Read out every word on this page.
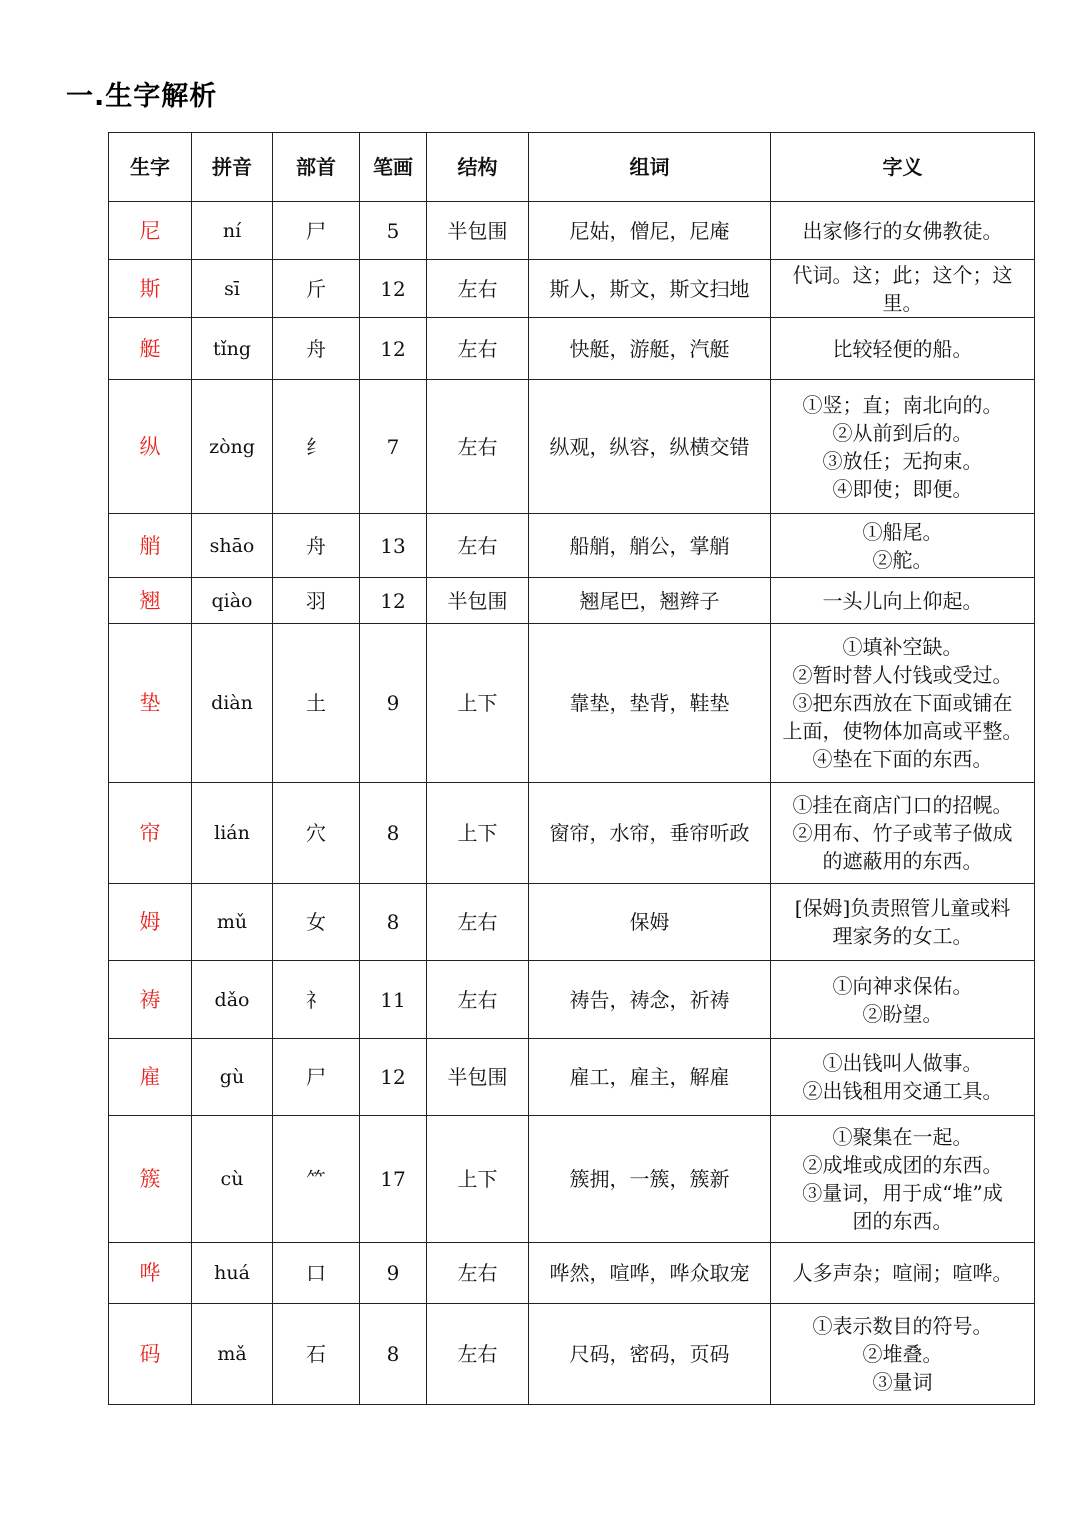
一.生字解析
生字	拼音	部首	笔画	结构	组词	字义
尼	ní	尸	5	半包围	尼姑，僧尼，尼庵	出家修行的女佛教徒。

斯	sī	斤	12	左右	斯人，斯文，斯文扫地	代词。这；此；这个；这
里。

艇	tǐng	舟	12	左右	快艇，游艇，汽艇	比较轻便的船。

纵	zòng	纟	7	左右	纵观，纵容，纵横交错	①竖；直；南北向的。
②从前到后的。
③放任；无拘束。
④即使；即便。

艄	shāo	舟	13	左右	船艄，艄公，掌艄	①船尾。
②舵。

翘	qiào	羽	12	半包围	翘尾巴，翘辫子	一头儿向上仰起。

垫	diàn	土	9	上下	靠垫，垫背，鞋垫	①填补空缺。
②暂时替人付钱或受过。
③把东西放在下面或铺在
上面，使物体加高或平整。
④垫在下面的东西。

帘	lián	穴	8	上下	窗帘，水帘，垂帘听政	①挂在商店门口的招幌。
②用布、竹子或苇子做成
的遮蔽用的东西。

姆	mǔ	女	8	左右	保姆	[保姆]负责照管儿童或料
理家务的女工。

祷	dǎo	礻	11	左右	祷告，祷念，祈祷	①向神求保佑。
②盼望。

雇	gù	尸	12	半包围	雇工，雇主，解雇	①出钱叫人做事。
②出钱租用交通工具。

簇	cù	⺮	17	上下	簇拥，一簇，簇新	①聚集在一起。
②成堆或成团的东西。
③量词，用于成“堆”成
团的东西。

哗	huá	口	9	左右	哗然，喧哗，哗众取宠	人多声杂；喧闹；喧哗。

码	mǎ	石	8	左右	尺码，密码，页码	①表示数目的符号。
②堆叠。
③量词
